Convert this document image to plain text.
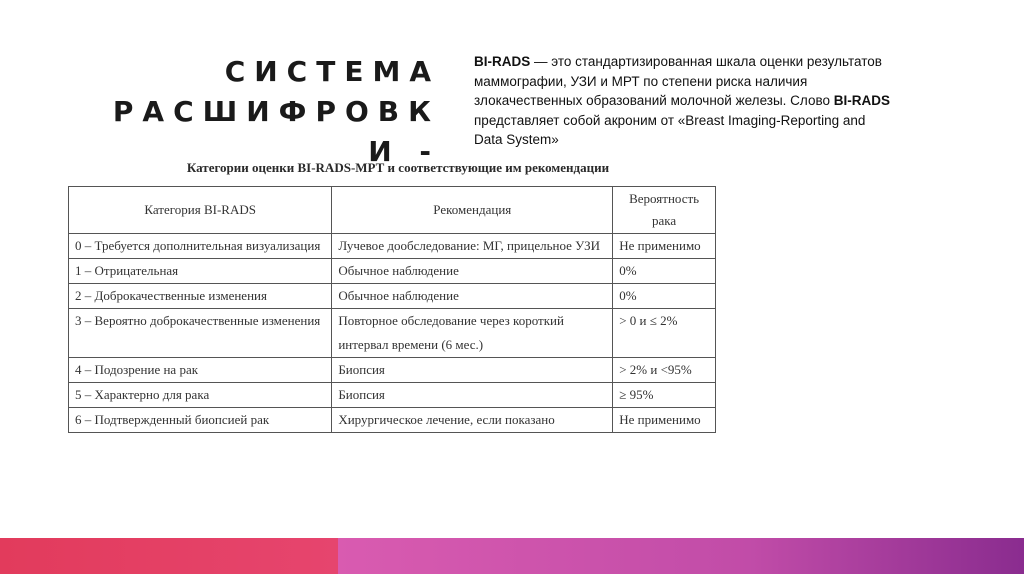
СИСТЕМА
РАСШИФРОВК
И -
BI-RADS — это стандартизированная шкала оценки результатов маммографии, УЗИ и МРТ по степени риска наличия злокачественных образований молочной железы. Слово BI-RADS представляет собой акроним от «Breast Imaging-Reporting and Data System»
Категории оценки BI-RADS-МРТ и соответствующие им рекомендации
Категория BI-RADS	Рекомендация	Вероятность рака
0 – Требуется дополнительная визуализация	Лучевое дообследование: МГ, прицельное УЗИ	Не применимо
1 – Отрицательная	Обычное наблюдение	0%
2 – Доброкачественные изменения	Обычное наблюдение	0%
3 – Вероятно доброкачественные изменения	Повторное обследование через короткий интервал времени (6 мес.)	> 0 и ≤ 2%
4 – Подозрение на рак	Биопсия	> 2% и <95%
5 – Характерно для рака	Биопсия	≥ 95%
6 – Подтвержденный биопсией рак	Хирургическое лечение, если показано	Не применимо
